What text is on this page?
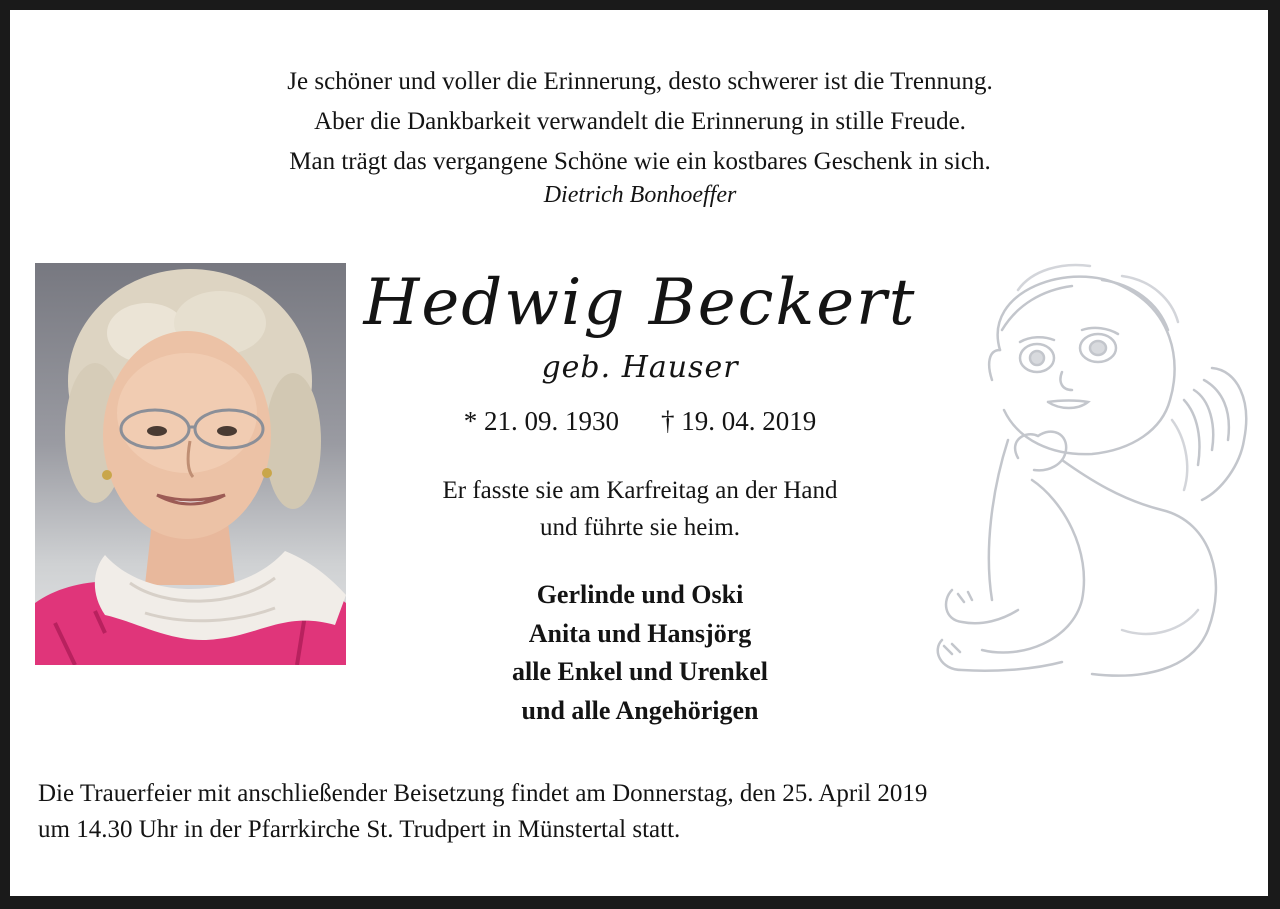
Je schöner und voller die Erinnerung, desto schwerer ist die Trennung.
Aber die Dankbarkeit verwandelt die Erinnerung in stille Freude.
Man trägt das vergangene Schöne wie ein kostbares Geschenk in sich.
Dietrich Bonhoeffer
Hedwig Beckert
geb. Hauser
* 21. 09. 1930 † 19. 04. 2019
Er fasste sie am Karfreitag an der Hand
und führte sie heim.
Gerlinde und Oski
Anita und Hansjörg
alle Enkel und Urenkel
und alle Angehörigen
Die Trauerfeier mit anschließender Beisetzung findet am Donnerstag, den 25. April 2019
um 14.30 Uhr in der Pfarrkirche St. Trudpert in Münstertal statt.
